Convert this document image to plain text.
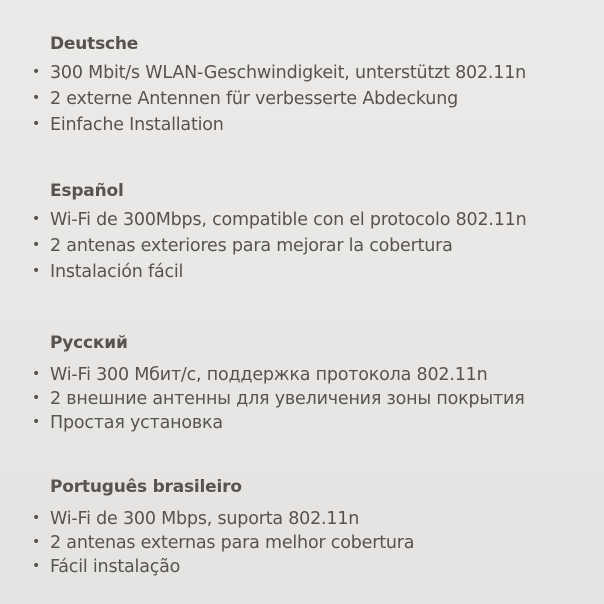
Deutsche
• 300 Mbit/s WLAN-Geschwindigkeit, unterstützt 802.11n
• 2 externe Antennen für verbesserte Abdeckung
• Einfache Installation
Español
• Wi-Fi de 300Mbps, compatible con el protocolo 802.11n
• 2 antenas exteriores para mejorar la cobertura
• Instalación fácil
Русский
• Wi-Fi 300 Мбит/с, поддержка протокола 802.11n
• 2 внешние антенны для увеличения зоны покрытия
• Простая установка
Português brasileiro
• Wi-Fi de 300 Mbps, suporta 802.11n
• 2 antenas externas para melhor cobertura
• Fácil instalação
